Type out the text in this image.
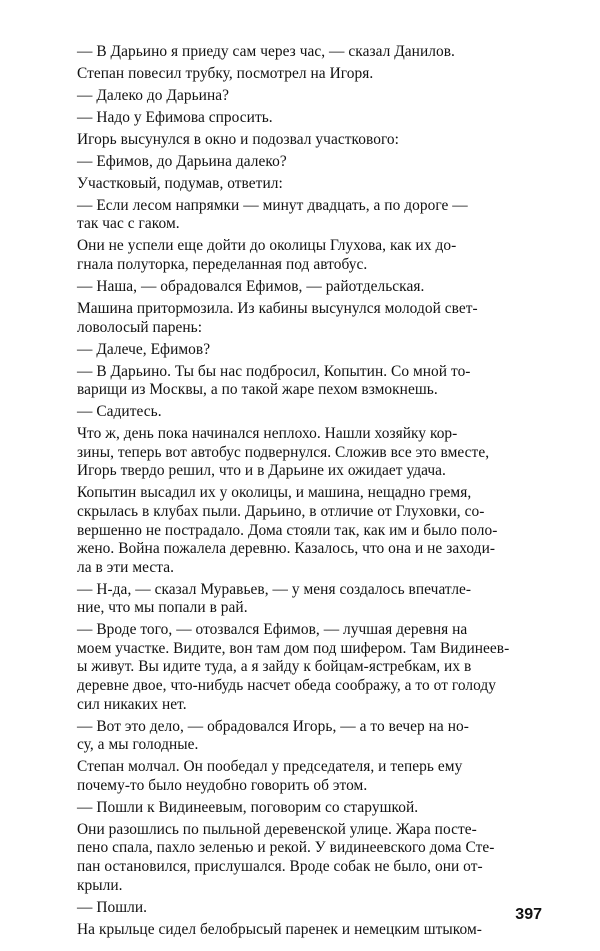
— В Дарьино я приеду сам через час, — сказал Данилов.

Степан повесил трубку, посмотрел на Игоря.

— Далеко до Дарьина?

— Надо у Ефимова спросить.

Игорь высунулся в окно и подозвал участкового:

— Ефимов, до Дарьина далеко?

Участковый, подумав, ответил:

— Если лесом напрямки — минут двадцать, а по дороге —
так час с гаком.

Они не успели еще дойти до околицы Глухова, как их до-
гнала полуторка, переделанная под автобус.

— Наша, — обрадовался Ефимов, — райотдельская.

Машина притормозила. Из кабины высунулся молодой свет-
ловолосый парень:

— Далече, Ефимов?

— В Дарьино. Ты бы нас подбросил, Копытин. Со мной то-
варищи из Москвы, а по такой жаре пехом взмокнешь.

— Садитесь.

Что ж, день пока начинался неплохо. Нашли хозяйку кор-
зины, теперь вот автобус подвернулся. Сложив все это вместе,
Игорь твердо решил, что и в Дарьине их ожидает удача.

Копытин высадил их у околицы, и машина, нещадно гремя,
скрылась в клубах пыли. Дарьино, в отличие от Глуховки, со-
вершенно не пострадало. Дома стояли так, как им и было поло-
жено. Война пожалела деревню. Казалось, что она и не заходи-
ла в эти места.

— Н-да, — сказал Муравьев, — у меня создалось впечатле-
ние, что мы попали в рай.

— Вроде того, — отозвался Ефимов, — лучшая деревня на
моем участке. Видите, вон там дом под шифером. Там Видинеев-
ы живут. Вы идите туда, а я зайду к бойцам-ястребкам, их в
деревне двое, что-нибудь насчет обеда соображу, а то от голоду
сил никаких нет.

— Вот это дело, — обрадовался Игорь, — а то вечер на но-
су, а мы голодные.

Степан молчал. Он пообедал у председателя, и теперь ему
почему-то было неудобно говорить об этом.

— Пошли к Видинеевым, поговорим со старушкой.

Они разошлись по пыльной деревенской улице. Жара посте-
пено спала, пахло зеленью и рекой. У видинеевского дома Сте-
пан остановился, прислушался. Вроде собак не было, они от-
крыли.

— Пошли.

На крыльце сидел белобрысый паренек и немецким штыком-

397
